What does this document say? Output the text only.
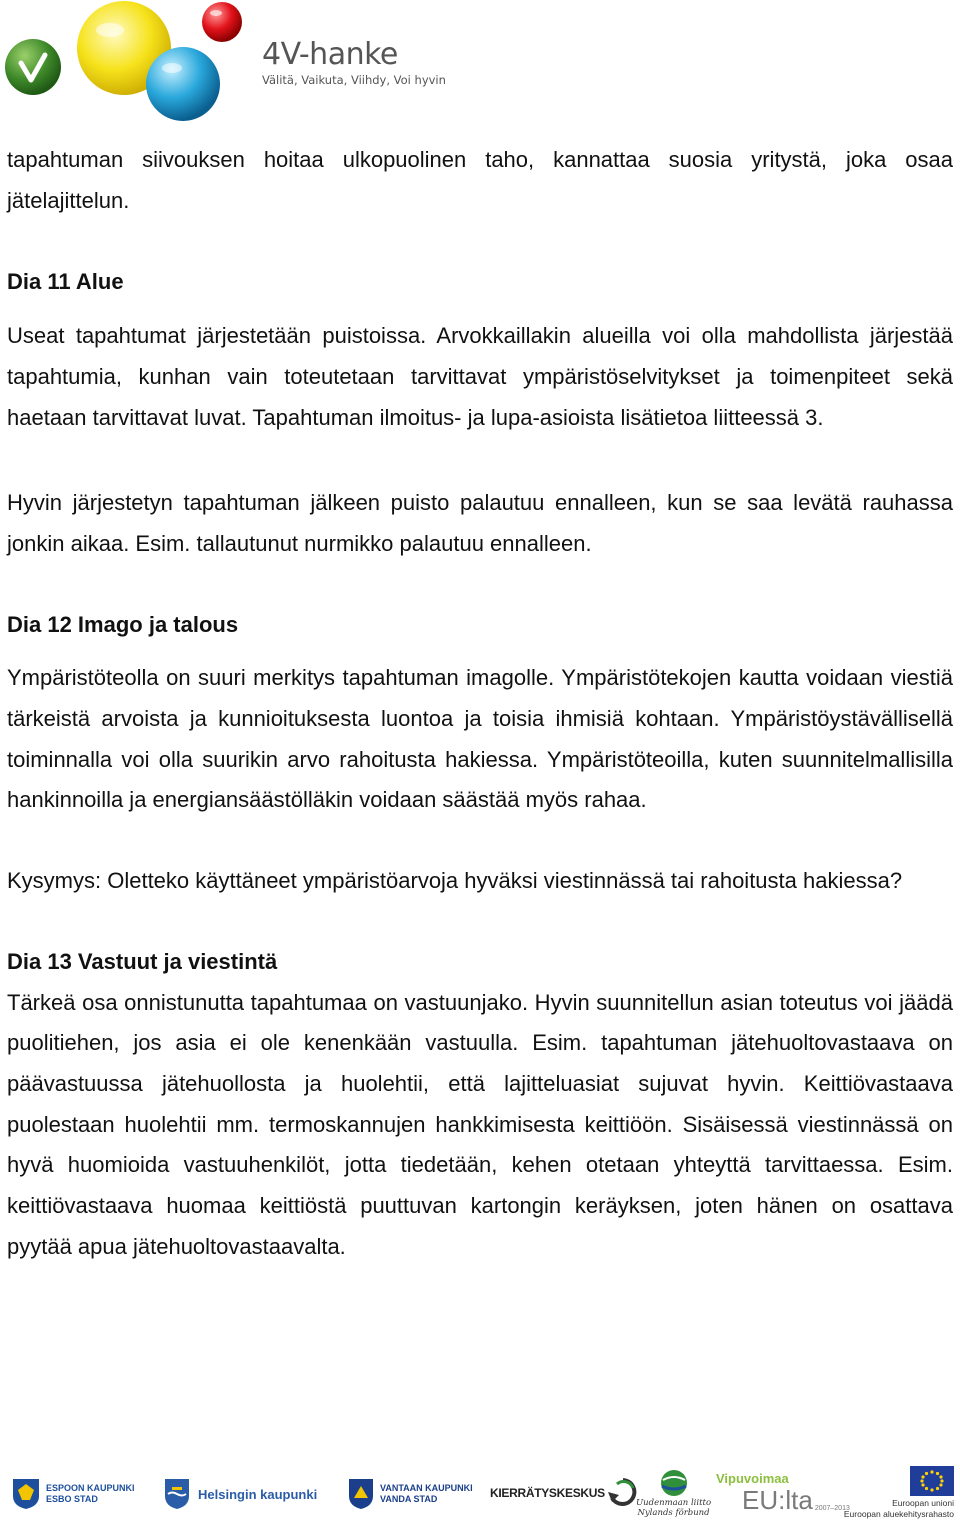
4V-hanke
Välitä, Vaikuta, Viihdy, Voi hyvin

tapahtuman siivouksen hoitaa ulkopuolinen taho, kannattaa suosia yritystä, joka osaa jätelajittelun.

Dia 11 Alue

Useat tapahtumat järjestetään puistoissa. Arvokkaillakin alueilla voi olla mahdollista järjestää tapahtumia, kunhan vain toteutetaan tarvittavat ympäristöselvitykset ja toimenpiteet sekä haetaan tarvittavat luvat. Tapahtuman ilmoitus- ja lupa-asioista lisätietoa liitteessä 3.

Hyvin järjestetyn tapahtuman jälkeen puisto palautuu ennalleen, kun se saa levätä rauhassa jonkin aikaa. Esim. tallautunut nurmikko palautuu ennalleen.

Dia 12 Imago ja talous

Ympäristöteolla on suuri merkitys tapahtuman imagolle. Ympäristötekojen kautta voidaan viestiä tärkeistä arvoista ja kunnioituksesta luontoa ja toisia ihmisiä kohtaan. Ympäristöystävällisellä toiminnalla voi olla suurikin arvo rahoitusta hakiessa. Ympäristöteoilla, kuten suunnitelmallisilla hankinnoilla ja energiansäästölläkin voidaan säästää myös rahaa.

Kysymys: Oletteko käyttäneet ympäristöarvoja hyväksi viestinnässä tai rahoitusta hakiessa?

Dia 13 Vastuut ja viestintä

Tärkeä osa onnistunutta tapahtumaa on vastuunjako. Hyvin suunnitellun asian toteutus voi jäädä puolitiehen, jos asia ei ole kenenkään vastuulla. Esim. tapahtuman jätehuoltovastaava on päävastuussa jätehuollosta ja huolehtii, että lajitteluasiat sujuvat hyvin. Keittiövastaava puolestaan huolehtii mm. termoskannujen hankkimisesta keittiöön. Sisäisessä viestinnässä on hyvä huomioida vastuuhenkilöt, jotta tiedetään, kehen otetaan yhteyttä tarvittaessa. Esim. keittiövastaava huomaa keittiöstä puuttuvan kartongin keräyksen, joten hänen on osattava pyytää apua jätehuoltovastaavalta.

ESPOON KAUPUNKI
ESBO STAD	Helsingin kaupunki	VANTAAN KAUPUNKI
VANDA STAD	KIERRÄTYSKESKUS
Uudenmaan liitto
Nylands förbund
Vipuvoimaa
EU:lta 2007–2013
Euroopan unioni
Euroopan aluekehitysrahasto
